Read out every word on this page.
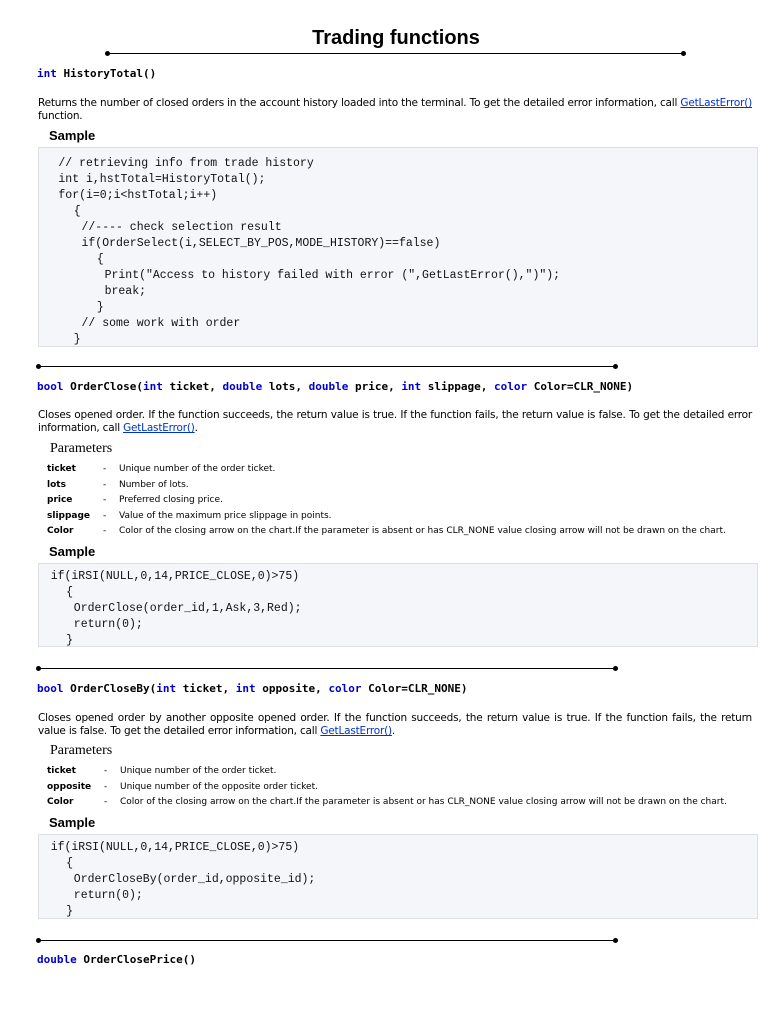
Trading functions
int HistoryTotal()
Returns the number of closed orders in the account history loaded into the terminal. To get the detailed error information, call GetLastError() function.
Sample
// retrieving info from trade history
int i,hstTotal=HistoryTotal();
for(i=0;i<hstTotal;i++)
{
//---- check selection result
if(OrderSelect(i,SELECT_BY_POS,MODE_HISTORY)==false)
{
Print("Access to history failed with error (",GetLastError(),")");
break;
}
// some work with order
}
bool OrderClose(int ticket, double lots, double price, int slippage, color Color=CLR_NONE)
Closes opened order. If the function succeeds, the return value is true. If the function fails, the return value is false. To get the detailed error information, call GetLastError().
Parameters
ticket	- Unique number of the order ticket.
lots	- Number of lots.
price	- Preferred closing price.
slippage - Value of the maximum price slippage in points.
Color	- Color of the closing arrow on the chart.If the parameter is absent or has CLR_NONE value closing arrow will not be drawn on the chart.
Sample
if(iRSI(NULL,0,14,PRICE_CLOSE,0)>75)
{
OrderClose(order_id,1,Ask,3,Red);
return(0);
}
bool OrderCloseBy(int ticket, int opposite, color Color=CLR_NONE)
Closes opened order by another opposite opened order. If the function succeeds, the return value is true. If the function fails, the return value is false. To get the detailed error information, call GetLastError().
Parameters
ticket	- Unique number of the order ticket.
opposite - Unique number of the opposite order ticket.
Color	- Color of the closing arrow on the chart.If the parameter is absent or has CLR_NONE value closing arrow will not be drawn on the chart.
Sample
if(iRSI(NULL,0,14,PRICE_CLOSE,0)>75)
{
OrderCloseBy(order_id,opposite_id);
return(0);
}
double OrderClosePrice()
